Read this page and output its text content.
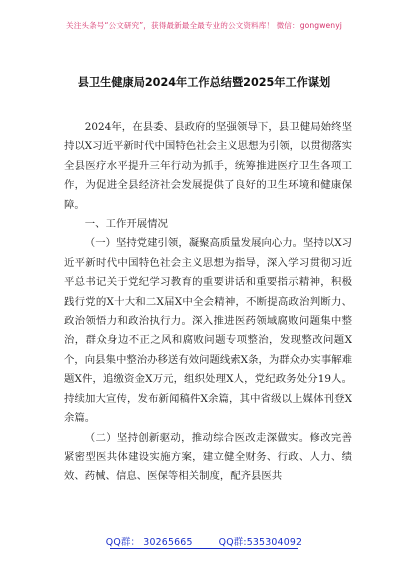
关注头条号“公文研究”，获得最新最全最专业的公文资料库！ 微信：gongwenyj
县卫生健康局2024年工作总结暨2025年工作谋划

2024年，在县委、县政府的坚强领导下，县卫健局始终坚持以X习近平新时代中国特色社会主义思想为引领，以贯彻落实全县医疗水平提升三年行动为抓手，统筹推进医疗卫生各项工作，为促进全县经济社会发展提供了良好的卫生环境和健康保障。

一、工作开展情况

（一）坚持党建引领，凝聚高质量发展向心力。坚持以X习近平新时代中国特色社会主义思想为指导，深入学习贯彻习近平总书记关于党纪学习教育的重要讲话和重要指示精神，积极践行党的X十大和二X届X中全会精神，不断提高政治判断力、政治领悟力和政治执行力。深入推进医药领域腐败问题集中整治，群众身边不正之风和腐败问题专项整治，发现整改问题X个，向县集中整治办移送有效问题线索X条，为群众办实事解难题X件，追缴资金X万元，组织处理X人，党纪政务处分19人。持续加大宣传，发布新闻稿件X余篇，其中省级以上媒体刊登X余篇。

（二）坚持创新驱动，推动综合医改走深做实。修改完善紧密型医共体建设实施方案，建立健全财务、行政、人力、绩效、药械、信息、医保等相关制度，配齐县医共

QQ群： 30265665	QQ群:535304092
